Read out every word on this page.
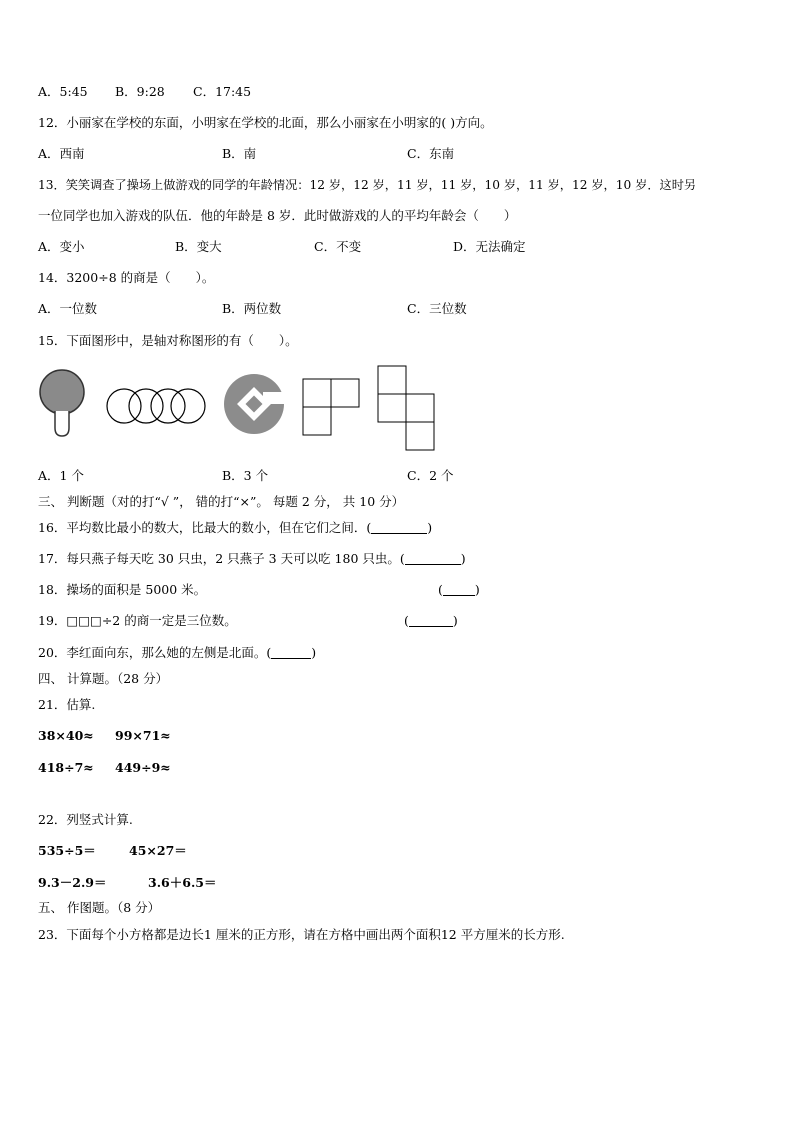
A．5:45 B．9:28 C．17:45
12．小丽家在学校的东面，小明家在学校的北面，那么小丽家在小明家的( )方向。
A．西南	B．南	C．东南
13．笑笑调查了操场上做游戏的同学的年龄情况：12 岁，12 岁，11 岁，11 岁，10 岁，11 岁，12 岁，10 岁．这时另
一位同学也加入游戏的队伍．他的年龄是 8 岁．此时做游戏的人的平均年龄会（　　）
A．变小	B．变大	C．不变	D．无法确定
14．3200÷8 的商是（　　）。
A．一位数	B．两位数	C．三位数
15．下面图形中，是轴对称图形的有（　　）。
A．1 个	B．3 个	C．2 个
三、 判断题（对的打“√ ”， 错的打“×”。 每题 2 分， 共 10 分）
16．平均数比最小的数大，比最大的数小，但在它们之间．(	)
17．每只燕子每天吃 30 只虫，2 只燕子 3 天可以吃 180 只虫。(	)
18．操场的面积是 5000 米。	(	)
19．□□□÷2 的商一定是三位数。	(	)
20．李红面向东，那么她的左侧是北面。(	)
四、 计算题。（28 分）
21．估算.
38×40≈ 99×71≈
418÷7≈ 449÷9≈
22．列竖式计算.
535÷5＝	45×27＝
9.3－2.9＝	3.6＋6.5＝
五、 作图题。（8 分）
23．下面每个小方格都是边长1 厘米的正方形，请在方格中画出两个面积12 平方厘米的长方形.
